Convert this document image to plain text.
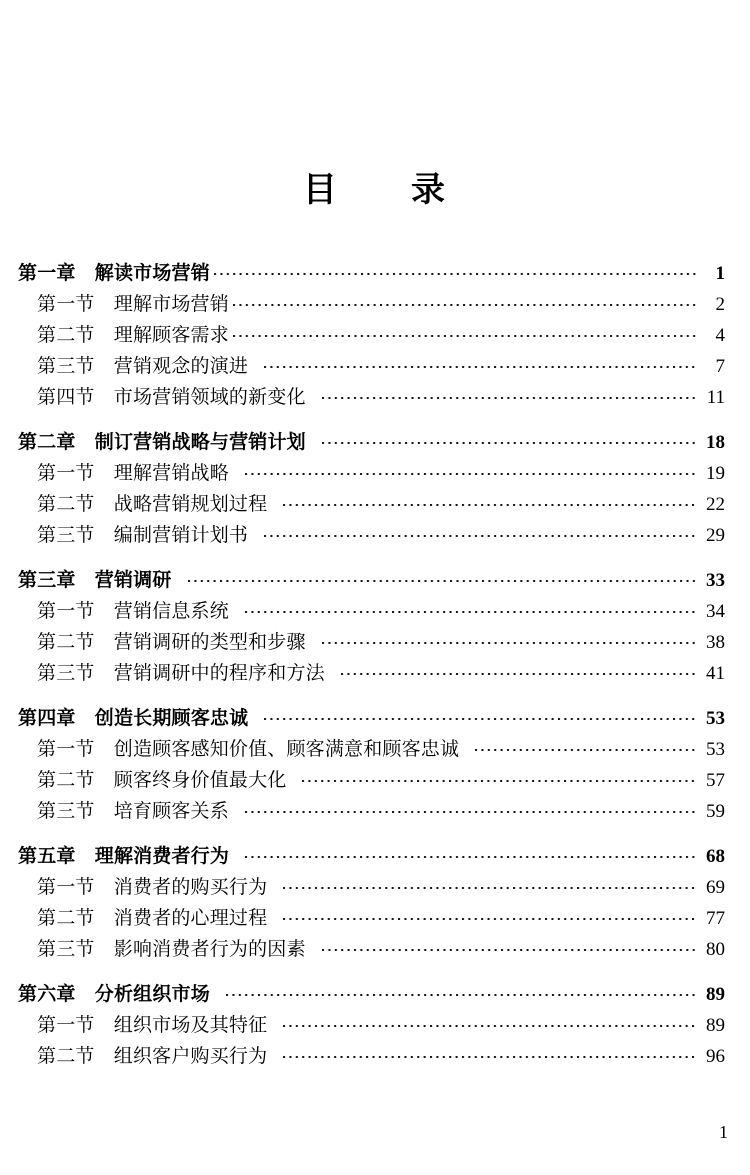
目　　录
第一章　解读市场营销	1
第一节　理解市场营销	2
第二节　理解顾客需求	4
第三节　营销观念的演进	7
第四节　市场营销领域的新变化	11
第二章　制订营销战略与营销计划	18
第一节　理解营销战略	19
第二节　战略营销规划过程	22
第三节　编制营销计划书	29
第三章　营销调研	33
第一节　营销信息系统	34
第二节　营销调研的类型和步骤	38
第三节　营销调研中的程序和方法	41
第四章　创造长期顾客忠诚	53
第一节　创造顾客感知价值、顾客满意和顾客忠诚	53
第二节　顾客终身价值最大化	57
第三节　培育顾客关系	59
第五章　理解消费者行为	68
第一节　消费者的购买行为	69
第二节　消费者的心理过程	77
第三节　影响消费者行为的因素	80
第六章　分析组织市场	89
第一节　组织市场及其特征	89
第二节　组织客户购买行为	96
1
